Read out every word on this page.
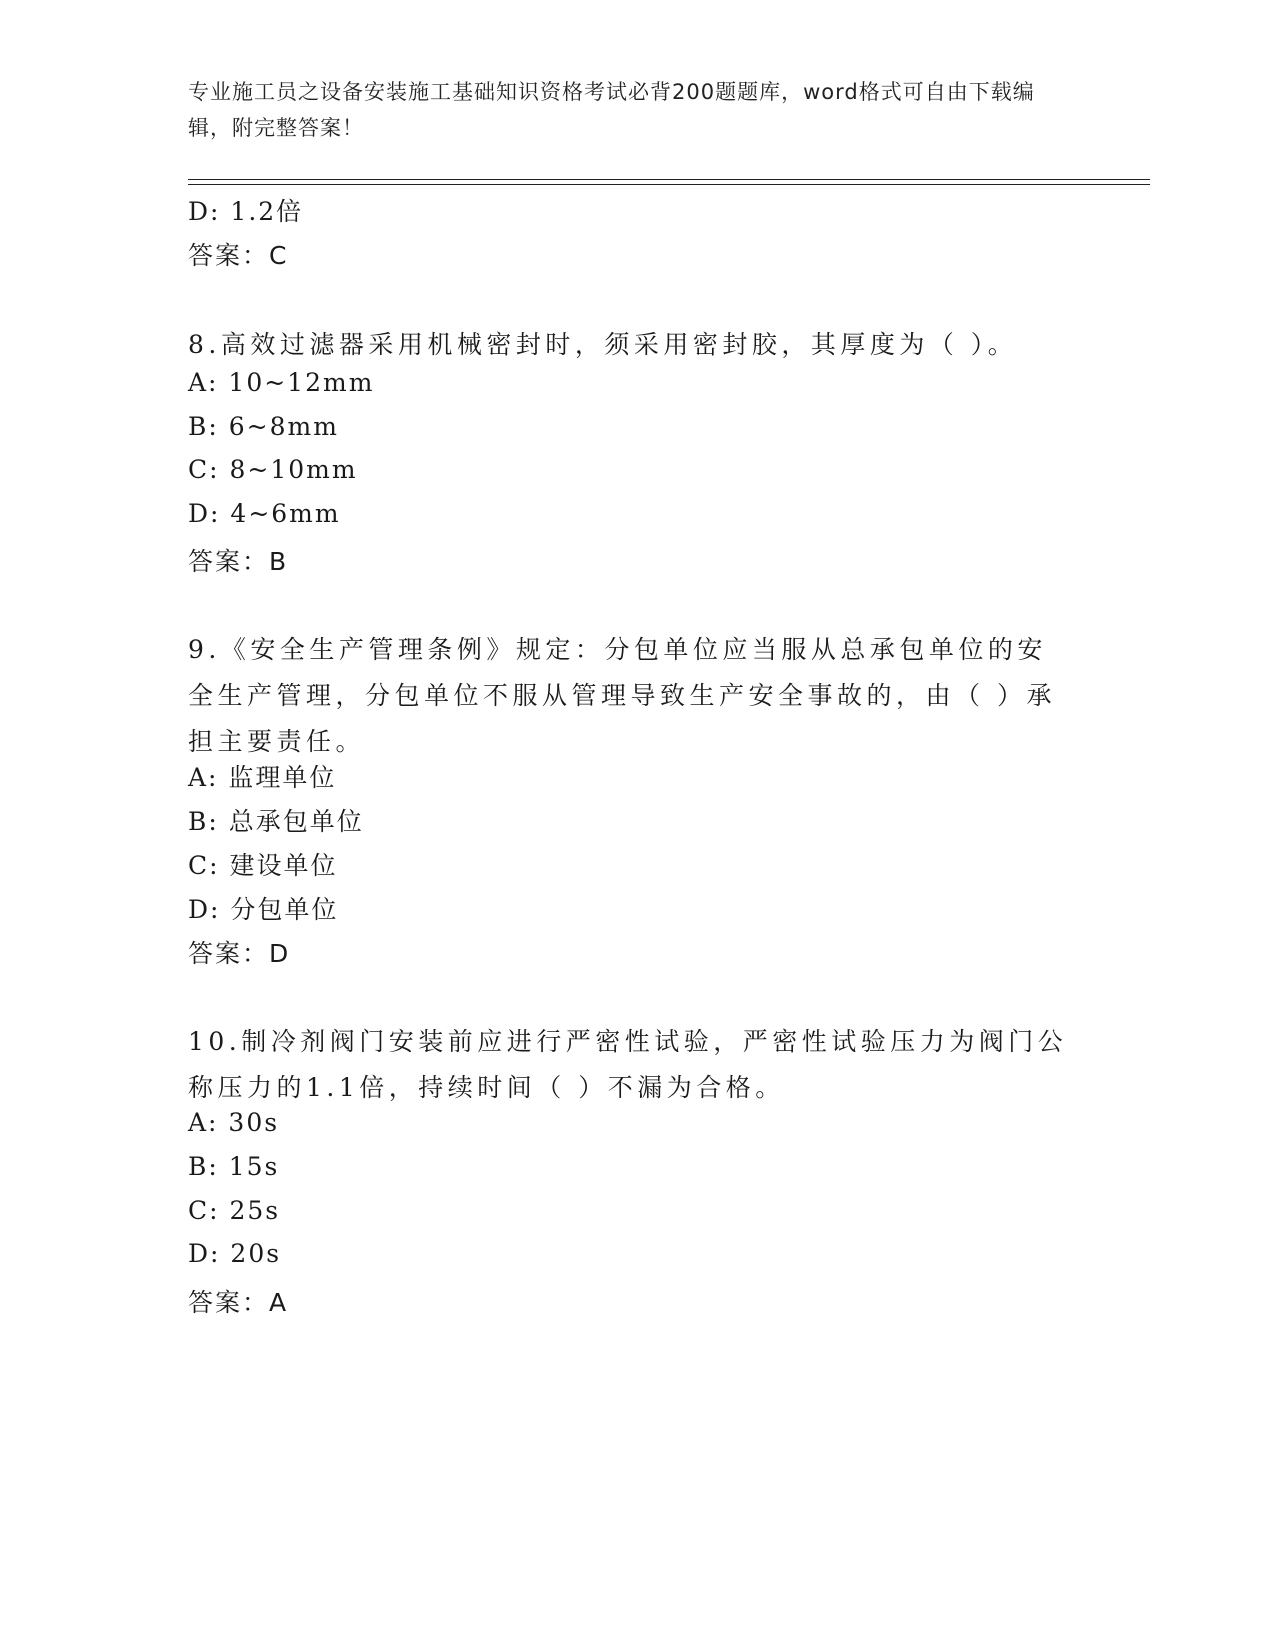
专业施工员之设备安装施工基础知识资格考试必背200题题库，word格式可自由下载编辑，附完整答案！
D: 1.2倍
答案：C
8.高效过滤器采用机械密封时，须采用密封胶，其厚度为（ ）。
A: 10~12mm
B: 6~8mm
C: 8~10mm
D: 4~6mm
答案：B
9.《安全生产管理条例》规定：分包单位应当服从总承包单位的安全生产管理，分包单位不服从管理导致生产安全事故的，由（ ）承担主要责任。
A: 监理单位
B: 总承包单位
C: 建设单位
D: 分包单位
答案：D
10.制冷剂阀门安装前应进行严密性试验，严密性试验压力为阀门公称压力的1.1倍，持续时间（ ）不漏为合格。
A: 30s
B: 15s
C: 25s
D: 20s
答案：A
